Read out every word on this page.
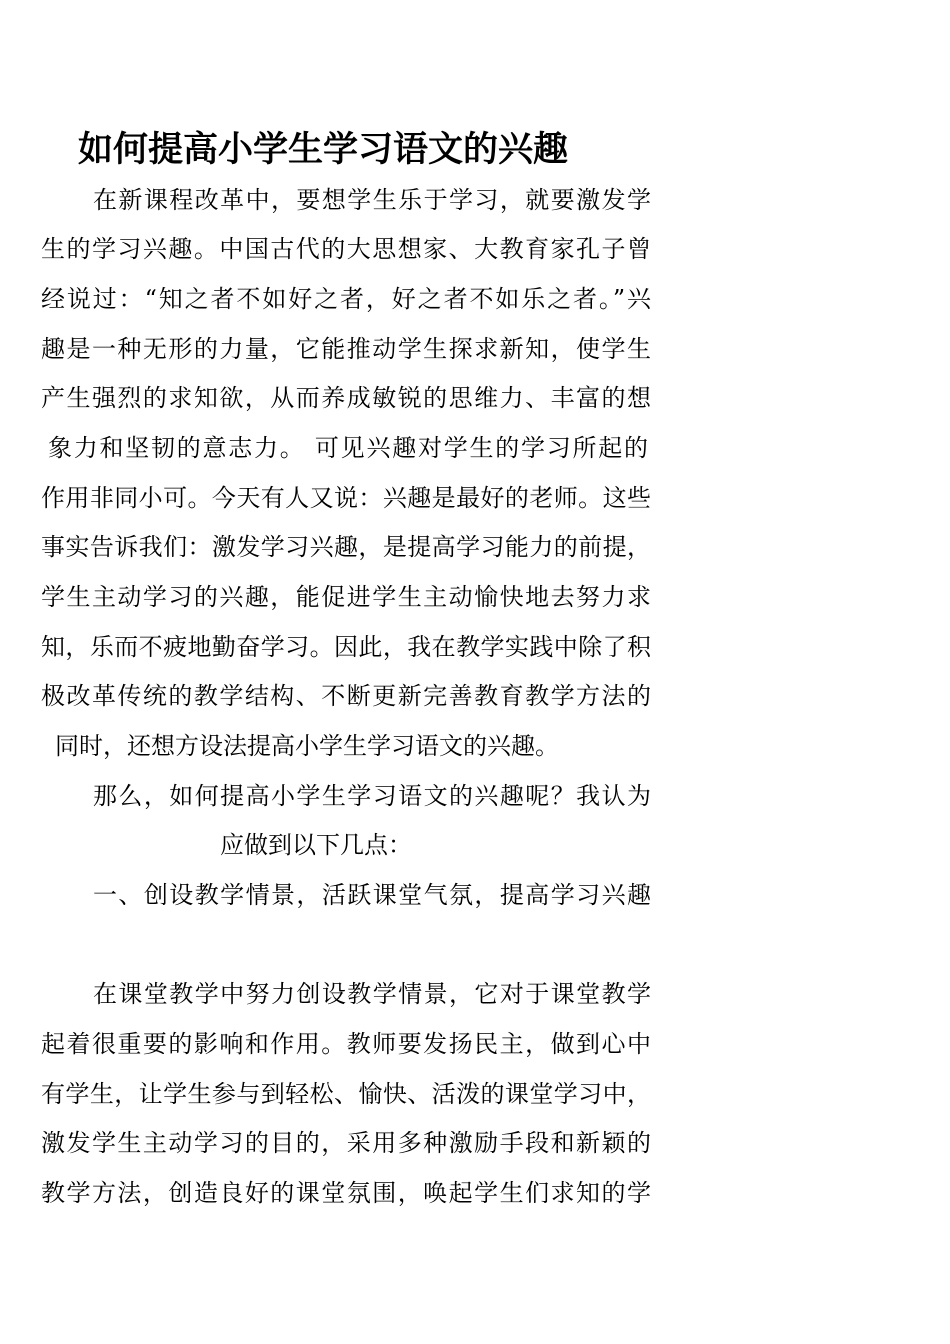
如何提高小学生学习语文的兴趣

在新课程改革中，要想学生乐于学习，就要激发学

生的学习兴趣。中国古代的大思想家、大教育家孔子曾

经说过：“知之者不如好之者，好之者不如乐之者。”兴

趣是一种无形的力量，它能推动学生探求新知，使学生

产生强烈的求知欲，从而养成敏锐的思维力、丰富的想

象力和坚韧的意志力。 可见兴趣对学生的学习所起的

作用非同小可。今天有人又说：兴趣是最好的老师。这些

事实告诉我们：激发学习兴趣，是提高学习能力的前提，

学生主动学习的兴趣，能促进学生主动愉快地去努力求

知，乐而不疲地勤奋学习。因此，我在教学实践中除了积

极改革传统的教学结构、不断更新完善教育教学方法的

同时，还想方设法提高小学生学习语文的兴趣。

那么，如何提高小学生学习语文的兴趣呢？我认为

应做到以下几点：

一、创设教学情景，活跃课堂气氛，提高学习兴趣

在课堂教学中努力创设教学情景，它对于课堂教学

起着很重要的影响和作用。教师要发扬民主，做到心中

有学生，让学生参与到轻松、愉快、活泼的课堂学习中，

激发学生主动学习的目的，采用多种激励手段和新颖的

教学方法，创造良好的课堂氛围，唤起学生们求知的学
